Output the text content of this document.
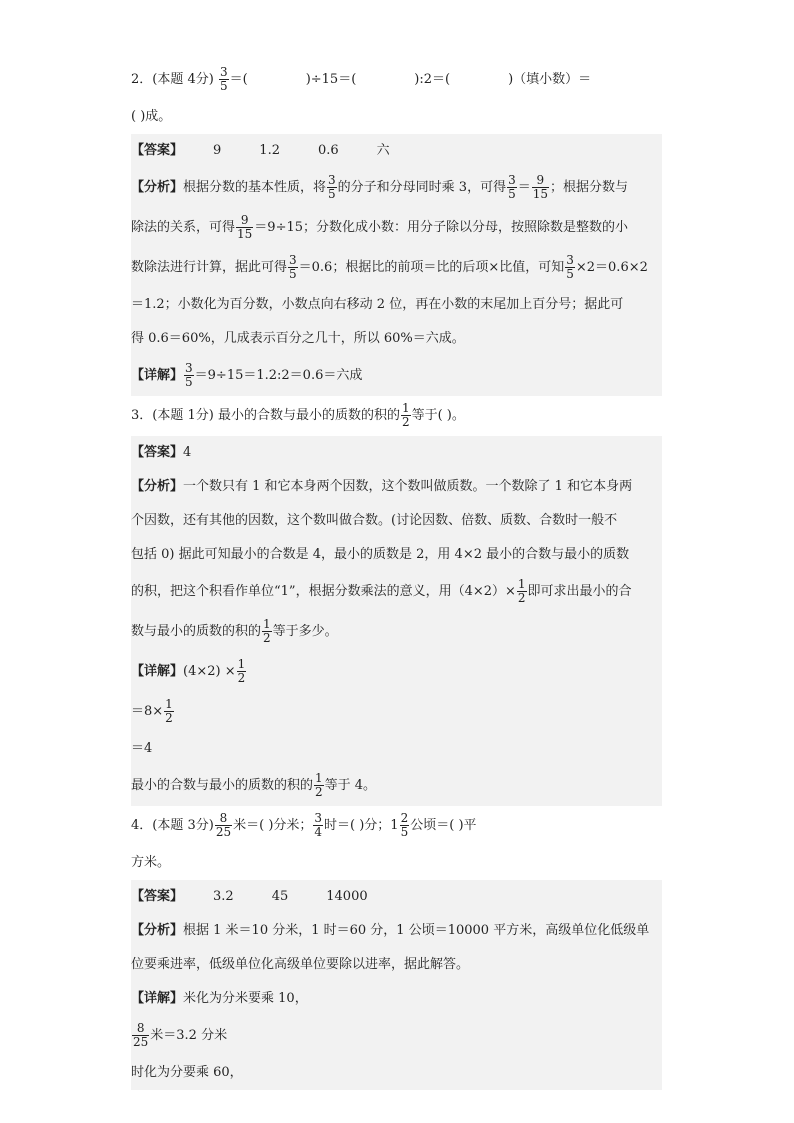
2．(本题 4分) $\frac{3}{5}$ ＝(	)÷15＝(	):2＝(	)（填小数）＝
( )成。
【答案】 9	1.2	0.6	六
【分析】根据分数的基本性质，将 $\frac{3}{5}$ 的分子和分母同时乘 3，可得 $\frac{3}{5} = \frac{9}{15}$ ；根据分数与
除法的关系，可得 $\frac{9}{15} =9\div 15$；分数化成小数：用分子除以分母，按照除数是整数的小
数除法进行计算，据此可得 $\frac{3}{5} =0.6$；根据比的前项＝比的后项×比值，可知 $\frac{3}{5} \times 2=0.6\times 2$
＝1.2；小数化为百分数，小数点向右移动 2 位，再在小数的末尾加上百分号；据此可
得 0.6＝60%，几成表示百分之几十，所以 60%＝六成。
【详解】 $\frac{3}{5}$ ＝9÷15＝1.2:2＝0.6＝六成
3．(本题 1分) 最小的合数与最小的质数的积的 $\frac{1}{2}$ 等于( )。
【答案】4
【分析】一个数只有 1 和它本身两个因数，这个数叫做质数。一个数除了 1 和它本身两
个因数，还有其他的因数，这个数叫做合数。(讨论因数、倍数、质数、合数时一般不
包括 0) 据此可知最小的合数是 4，最小的质数是 2，用 4×2 最小的合数与最小的质数
的积，把这个积看作单位“1”，根据分数乘法的意义，用$(4\times 2)\times \frac{1}{2}$ 即可求出最小的合
数与最小的质数的积的 $\frac{1}{2}$ 等于多少。
【详解】$(4\times 2) \times \frac{1}{2}$
$=8\times \frac{1}{2}$
＝4
最小的合数与最小的质数的积的 $\frac{1}{2}$ 等于 4。
4．(本题 3分) $\frac{8}{25}$ 米＝( )分米； $\frac{3}{4}$ 时＝( )分；$1 \frac{2}{5}$ 公顷＝( )平
方米。
【答案】 3.2	45	14000
【分析】根据 1 米＝10 分米，1 时＝60 分，1 公顷＝10000 平方米，高级单位化低级单
位要乘进率，低级单位化高级单位要除以进率，据此解答。
【详解】米化为分米要乘 10，
$\frac{8}{25}$ 米＝3.2 分米
时化为分要乘 60，
